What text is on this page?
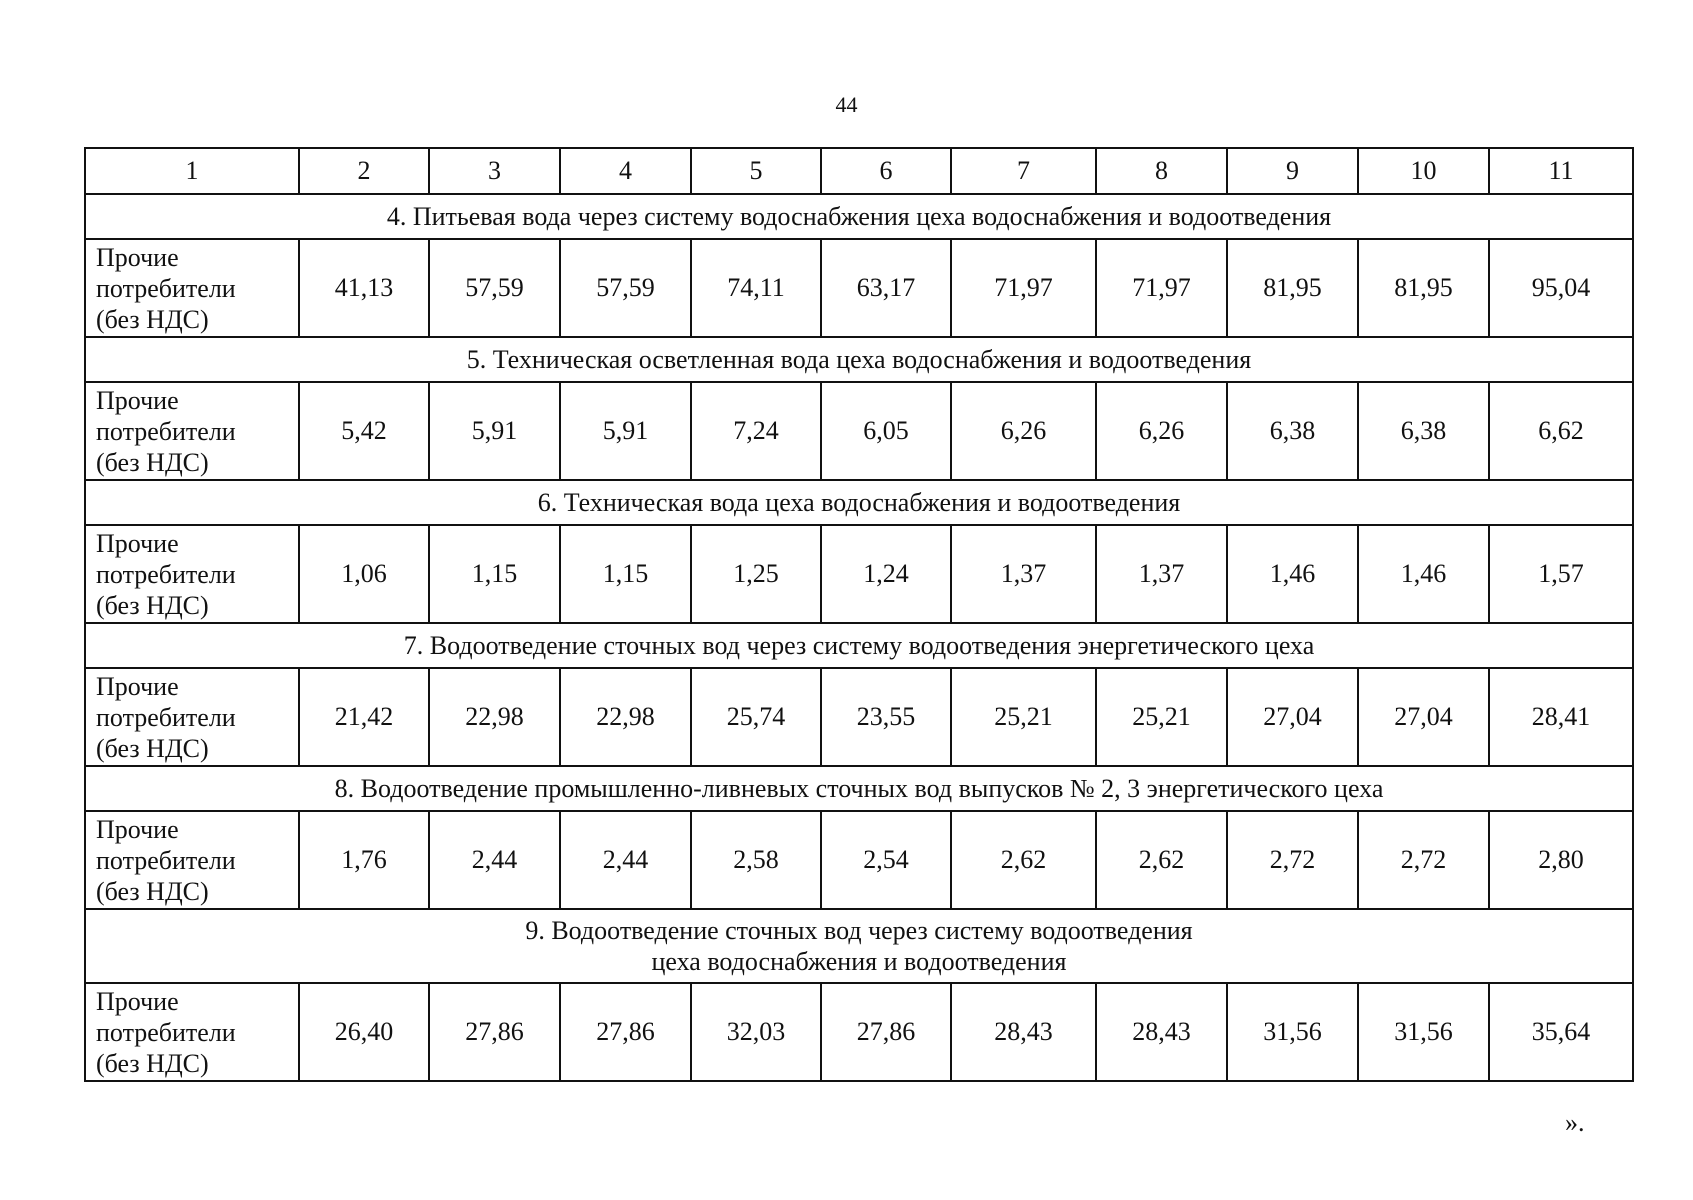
44
1	2	3	4	5	6	7	8	9	10	11

4. Питьевая вода через систему водоснабжения цеха водоснабжения и водоотведения										

Прочие
потребители
(без НДС)	41,13	57,59	57,59	74,11	63,17	71,97	71,97	81,95	81,95	95,04

5. Техническая осветленная вода цеха водоснабжения и водоотведения										

Прочие
потребители
(без НДС)	5,42	5,91	5,91	7,24	6,05	6,26	6,26	6,38	6,38	6,62

6. Техническая вода цеха водоснабжения и водоотведения										

Прочие
потребители
(без НДС)	1,06	1,15	1,15	1,25	1,24	1,37	1,37	1,46	1,46	1,57

7. Водоотведение сточных вод через систему водоотведения энергетического цеха										

Прочие
потребители
(без НДС)	21,42	22,98	22,98	25,74	23,55	25,21	25,21	27,04	27,04	28,41

8. Водоотведение промышленно-ливневых сточных вод выпусков № 2, 3 энергетического цеха										

Прочие
потребители
(без НДС)	1,76	2,44	2,44	2,58	2,54	2,62	2,62	2,72	2,72	2,80

9. Водоотведение сточных вод через систему водоотведения
цеха водоснабжения и водоотведения										

Прочие
потребители
(без НДС)	26,40	27,86	27,86	32,03	27,86	28,43	28,43	31,56	31,56	35,64
».
